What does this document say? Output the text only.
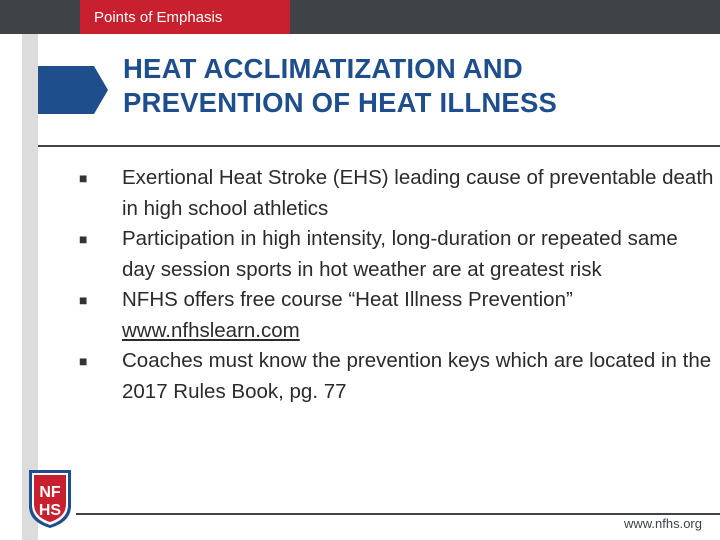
Points of Emphasis
HEAT ACCLIMATIZATION AND
PREVENTION OF HEAT ILLNESS
■ Exertional Heat Stroke (EHS) leading cause of preventable death in high school athletics
■ Participation in high intensity, long-duration or repeated same day session sports in hot weather are at greatest risk
■ NFHS offers free course “Heat Illness Prevention”
www.nfhslearn.com
■ Coaches must know the prevention keys which are located in the 2017 Rules Book, pg. 77
NF
HS
www.nfhs.org
